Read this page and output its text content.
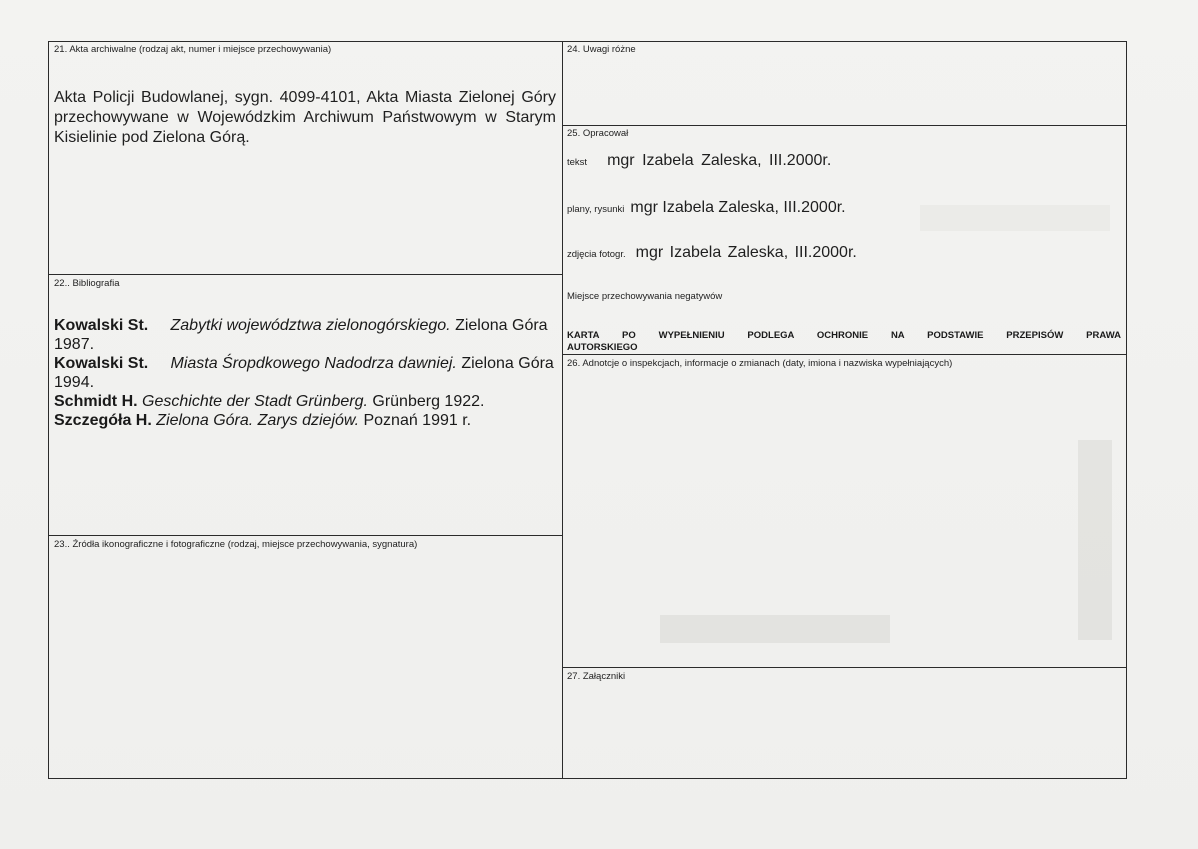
21. Akta archiwalne (rodzaj akt, numer i miejsce przechowywania)
Akta Policji Budowlanej, sygn. 4099-4101, Akta Miasta Zielonej Góry przechowywane w Wojewódzkim Archiwum Państwowym w Starym Kisielinie pod Zielona Górą.
22.. Bibliografia

Kowalski St. Zabytki województwa zielonogórskiego. Zielona Góra 1987.

Kowalski St. Miasta Śropdkowego Nadodrza dawniej. Zielona Góra 1994.

Schmidt H. Geschichte der Stadt Grünberg. Grünberg 1922.

Szczegóła H. Zielona Góra. Zarys dziejów. Poznań 1991 r.

23.. Źródła ikonograficzne i fotograficzne (rodzaj, miejsce przechowywania, sygnatura)
24. Uwagi różne
25. Opracował
tekst mgr Izabela Zaleska, III.2000r.
plany, rysunki mgr Izabela Zaleska, III.2000r.
zdjęcia fotogr. mgr Izabela Zaleska, III.2000r.
Miejsce przechowywania negatywów
KARTA PO WYPEŁNIENIU PODLEGA OCHRONIE NA PODSTAWIE PRZEPISÓW PRAWA AUTORSKIEGO
26. Adnotcje o inspekcjach, informacje o zmianach (daty, imiona i nazwiska wypełniających)
27. Załączniki
